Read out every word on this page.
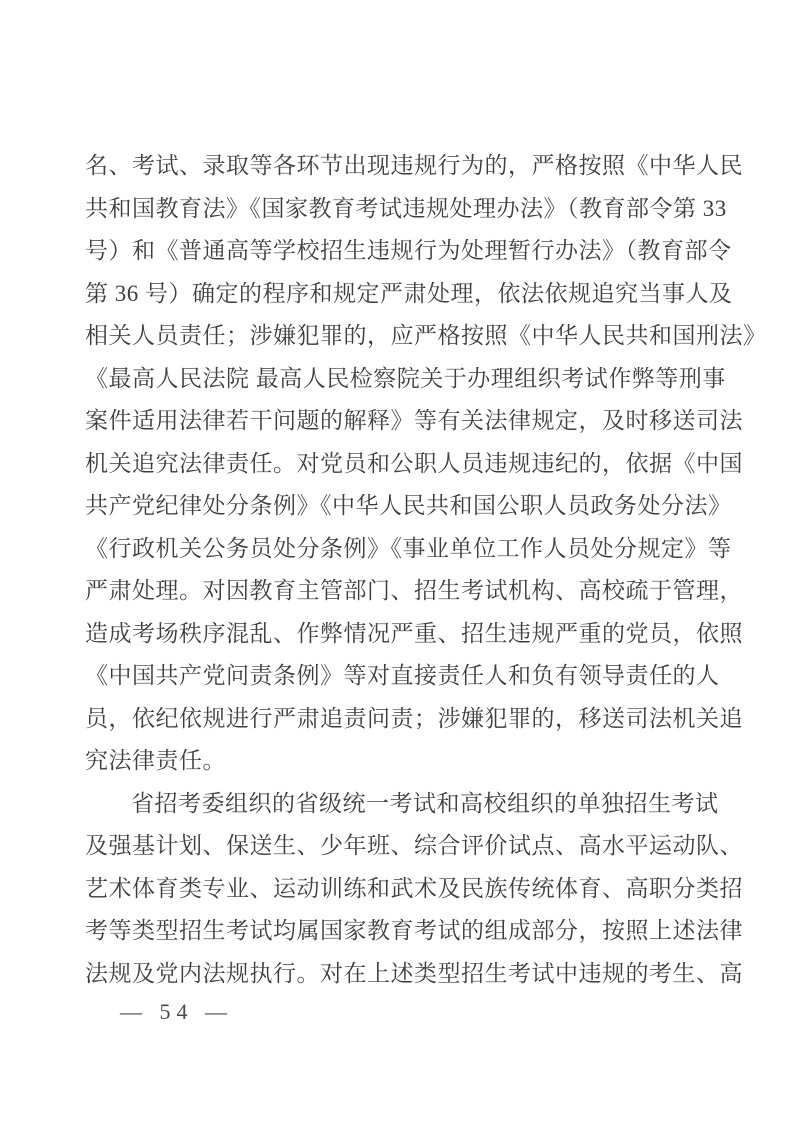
名、考试、录取等各环节出现违规行为的，严格按照《中华人民
共和国教育法》《国家教育考试违规处理办法》（教育部令第 33
号）和《普通高等学校招生违规行为处理暂行办法》（教育部令
第 36 号）确定的程序和规定严肃处理，依法依规追究当事人及
相关人员责任；涉嫌犯罪的，应严格按照《中华人民共和国刑法》
《最高人民法院 最高人民检察院关于办理组织考试作弊等刑事
案件适用法律若干问题的解释》等有关法律规定，及时移送司法
机关追究法律责任。对党员和公职人员违规违纪的，依据《中国
共产党纪律处分条例》《中华人民共和国公职人员政务处分法》
《行政机关公务员处分条例》《事业单位工作人员处分规定》等
严肃处理。对因教育主管部门、招生考试机构、高校疏于管理，
造成考场秩序混乱、作弊情况严重、招生违规严重的党员，依照
《中国共产党问责条例》等对直接责任人和负有领导责任的人
员，依纪依规进行严肃追责问责；涉嫌犯罪的，移送司法机关追
究法律责任。
省招考委组织的省级统一考试和高校组织的单独招生考试
及强基计划、保送生、少年班、综合评价试点、高水平运动队、
艺术体育类专业、运动训练和武术及民族传统体育、高职分类招
考等类型招生考试均属国家教育考试的组成部分，按照上述法律
法规及党内法规执行。对在上述类型招生考试中违规的考生、高
— 54 —
